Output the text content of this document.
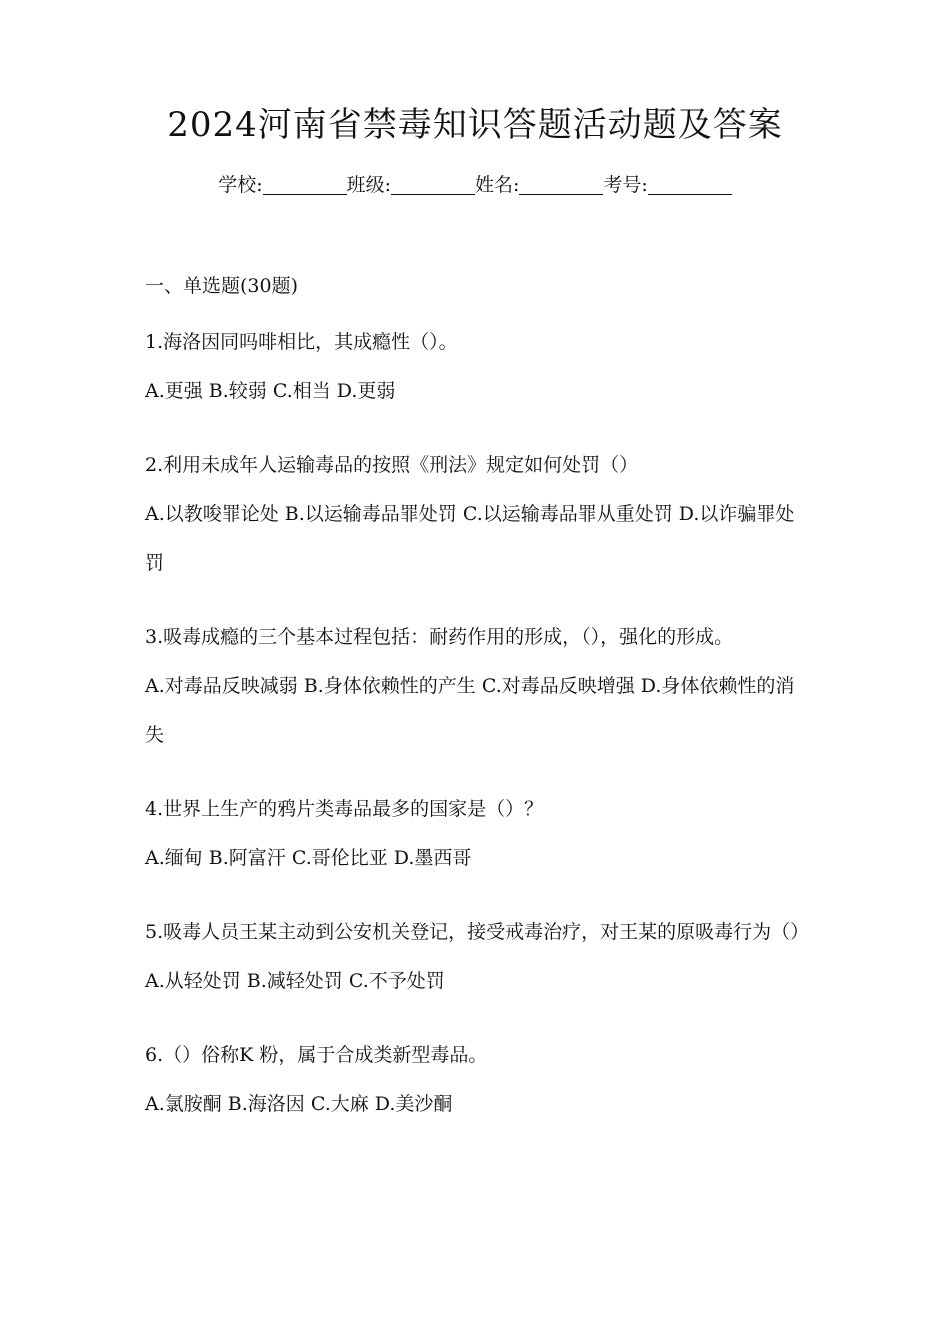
2024河南省禁毒知识答题活动题及答案
学校:	班级:	姓名:	考号:
一、单选题(30题)

1.海洛因同吗啡相比，其成瘾性（）。

A.更强 B.较弱 C.相当 D.更弱

2.利用未成年人运输毒品的按照《刑法》规定如何处罚（）

A.以教唆罪论处 B.以运输毒品罪处罚 C.以运输毒品罪从重处罚 D.以诈骗罪处罚

3.吸毒成瘾的三个基本过程包括：耐药作用的形成，（），强化的形成。

A.对毒品反映减弱 B.身体依赖性的产生 C.对毒品反映增强 D.身体依赖性的消失

4.世界上生产的鸦片类毒品最多的国家是（）？

A.缅甸 B.阿富汗 C.哥伦比亚 D.墨西哥

5.吸毒人员王某主动到公安机关登记，接受戒毒治疗，对王某的原吸毒行为（）

A.从轻处罚 B.减轻处罚 C.不予处罚

6.（）俗称K 粉，属于合成类新型毒品。

A.氯胺酮 B.海洛因 C.大麻 D.美沙酮
